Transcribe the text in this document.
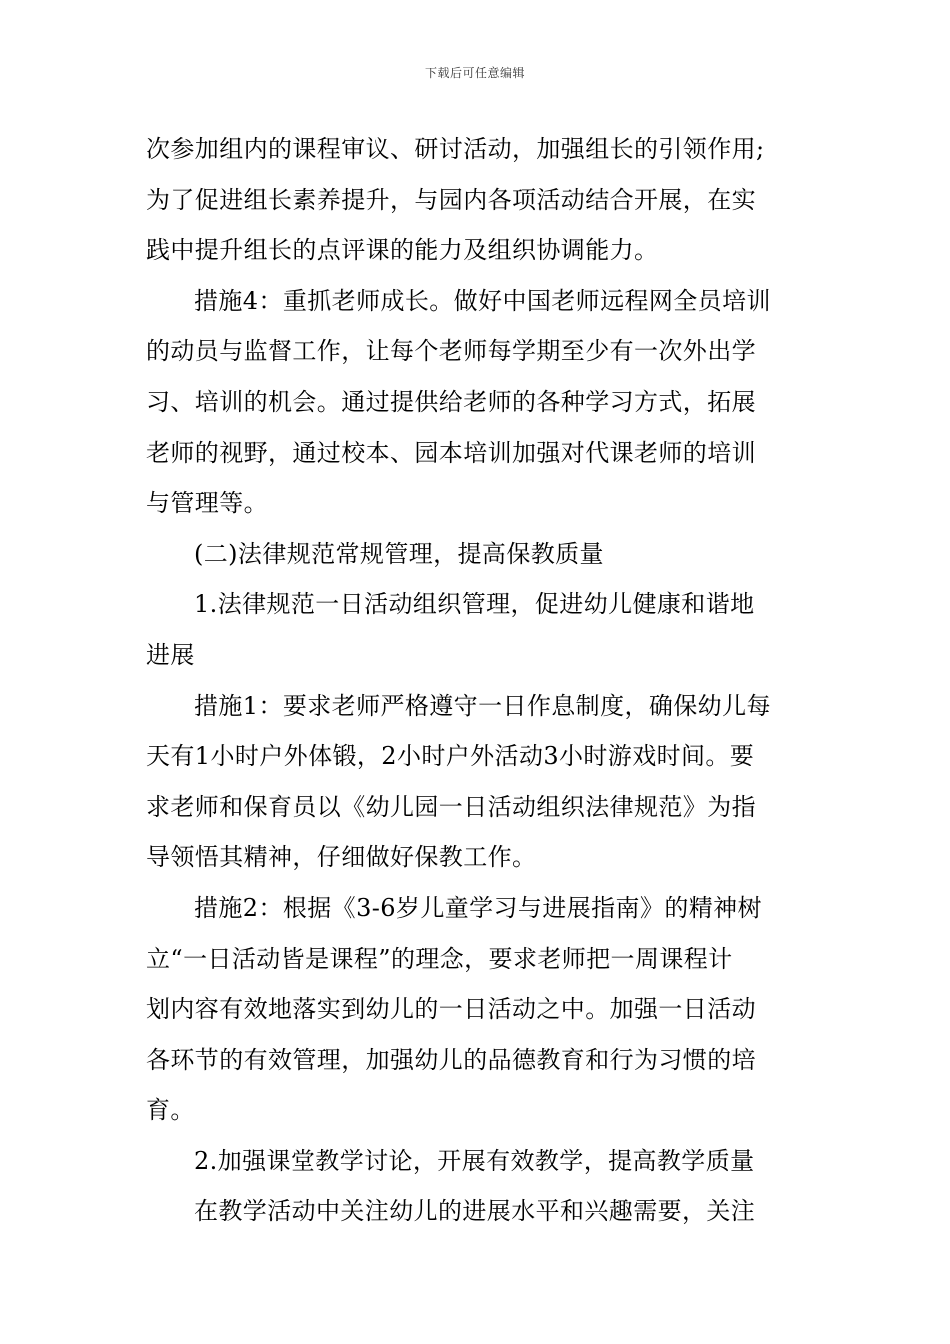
下载后可任意编辑
次参加组内的课程审议、研讨活动，加强组长的引领作用;
为了促进组长素养提升，与园内各项活动结合开展，在实
践中提升组长的点评课的能力及组织协调能力。
措施4：重抓老师成长。做好中国老师远程网全员培训
的动员与监督工作，让每个老师每学期至少有一次外出学
习、培训的机会。通过提供给老师的各种学习方式，拓展
老师的视野，通过校本、园本培训加强对代课老师的培训
与管理等。
(二)法律规范常规管理，提高保教质量
1.法律规范一日活动组织管理，促进幼儿健康和谐地
进展
措施1：要求老师严格遵守一日作息制度，确保幼儿每
天有1小时户外体锻，2小时户外活动3小时游戏时间。要
求老师和保育员以《幼儿园一日活动组织法律规范》为指
导领悟其精神，仔细做好保教工作。
措施2：根据《3-6岁儿童学习与进展指南》的精神树
立“一日活动皆是课程”的理念，要求老师把一周课程计
划内容有效地落实到幼儿的一日活动之中。加强一日活动
各环节的有效管理，加强幼儿的品德教育和行为习惯的培
育。
2.加强课堂教学讨论，开展有效教学，提高教学质量
在教学活动中关注幼儿的进展水平和兴趣需要，关注
